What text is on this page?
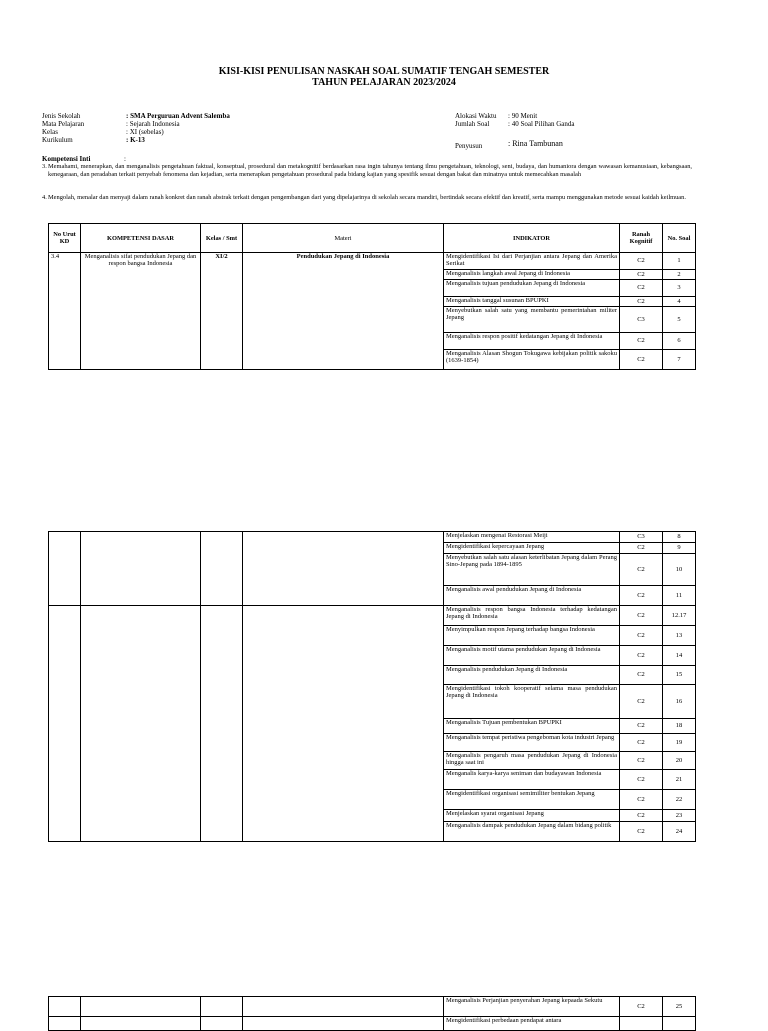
KISI-KISI PENULISAN NASKAH SOAL SUMATIF TENGAH SEMESTER
TAHUN PELAJARAN 2023/2024
Jenis Sekolah	: SMA Perguruan Advent Salemba
Mata Pelajaran	: Sejarah Indonesia
Kelas	: XI (sebelas)
Kurikulum	: K-13
Alokasi Waktu : 90 Menit
Jumlah Soal	: 40 Soal Pilihan Ganda
Penyusun	: Rina Tambunan
Kompetensi Inti	:
3. Memahami, menerapkan, dan menganalisis pengetahuan faktual, konseptual, prosedural dan metakognitif berdasarkan rasa ingin tahunya tentang ilmu pengetahuan, teknologi, seni, budaya, dan humaniora dengan wawasan kemanusiaan, kebangsaan, kenegaraan, dan peradaban terkait penyebab fenomena dan kejadian, serta menerapkan pengetahuan prosedural pada bidang kajian yang spesifik sesuai dengan bakat dan minatnya untuk memecahkan masalah
4. Mengolah, menalar dan menyaji dalam ranah konkret dan ranah abstrak terkait dengan pengembangan dari yang dipelajarinya di sekolah secara mandiri, bertindak secara efektif dan kreatif, serta mampu menggunakan metode sesuai kaidah keilmuan.
No Urut KD	KOMPETENSI DASAR	Kelas / Smt	Materi	INDIKATOR	Ranah Kognitif	No. Soal
3.4	Menganalisis sifat pendudukan Jepang dan respon bangsa Indonesia	XI/2	Pendudukan Jepang di Indonesia	Mengidentifikasi Isi dari Perjanjian antara Jepang dan Amerika Serikat	C2	1
				Menganalisis langkah awal Jepang di Indonesia	C2	2
				Menganalisis tujuan pendudukan Jepang di Indonesia	C2	3
				Menganalisis tanggal susunan BPUPKI	C2	4
				Menyebutkan salah satu yang membantu pemerintahan militer Jepang	C3	5
				Menganalisis respon positif kedatangan Jepang di Indonesia	C2	6
				Menganalisis Alasan Shogun Tokugawa kebijakan politik sakoku (1639-1854)	C2	7
				Menjelaskan mengenai Restorasi Meiji	C3	8
				Mengidentifikasi kepercayaan Jepang	C2	9
				Menyebutkan salah satu alasan keterlibatan Jepang dalam Perang Sino-Jepang pada 1894-1895	C2	10
				Menganalisis awal pendudukan Jepang di Indonesia	C2	11
				Menganalisis respon bangsa Indonesia terhadap kedatangan Jepang di Indonesia	C2	12.17
				Menyimpulkan respon Jepang terhadap bangsa Indonesia	C2	13
				Menganalisis motif utama pendudukan Jepang di Indonesia	C2	14
				Menganalisis pendudukan Jepang di Indonesia	C2	15
				Mengidentifikasi tokoh kooperatif selama masa pendudukan Jepang di Indonesia	C2	16
				Menganalisis Tujuan pembentukan BPUPKI	C2	18
				Menganalisis tempat peristiwa pengeboman kota industri Jepang	C2	19
				Menganalisis pengaruh masa pendudukan Jepang di Indonesia hingga saat ini	C2	20
				Menganalis karya-karya seniman dan budayawan Indonesia	C2	21
				Mengidentifikasi organisasi semimiliter bentukan Jepang	C2	22
				Menjelaskan syarat organisasi Jepang	C2	23
				Menganalisis dampak pendudukan Jepang dalam bidang politik	C2	24
				Menganalisis Perjanjian penyerahan Jepang kepaada Sekutu	C2	25
				Mengidentifikasi perbedaan pendapat antara		
